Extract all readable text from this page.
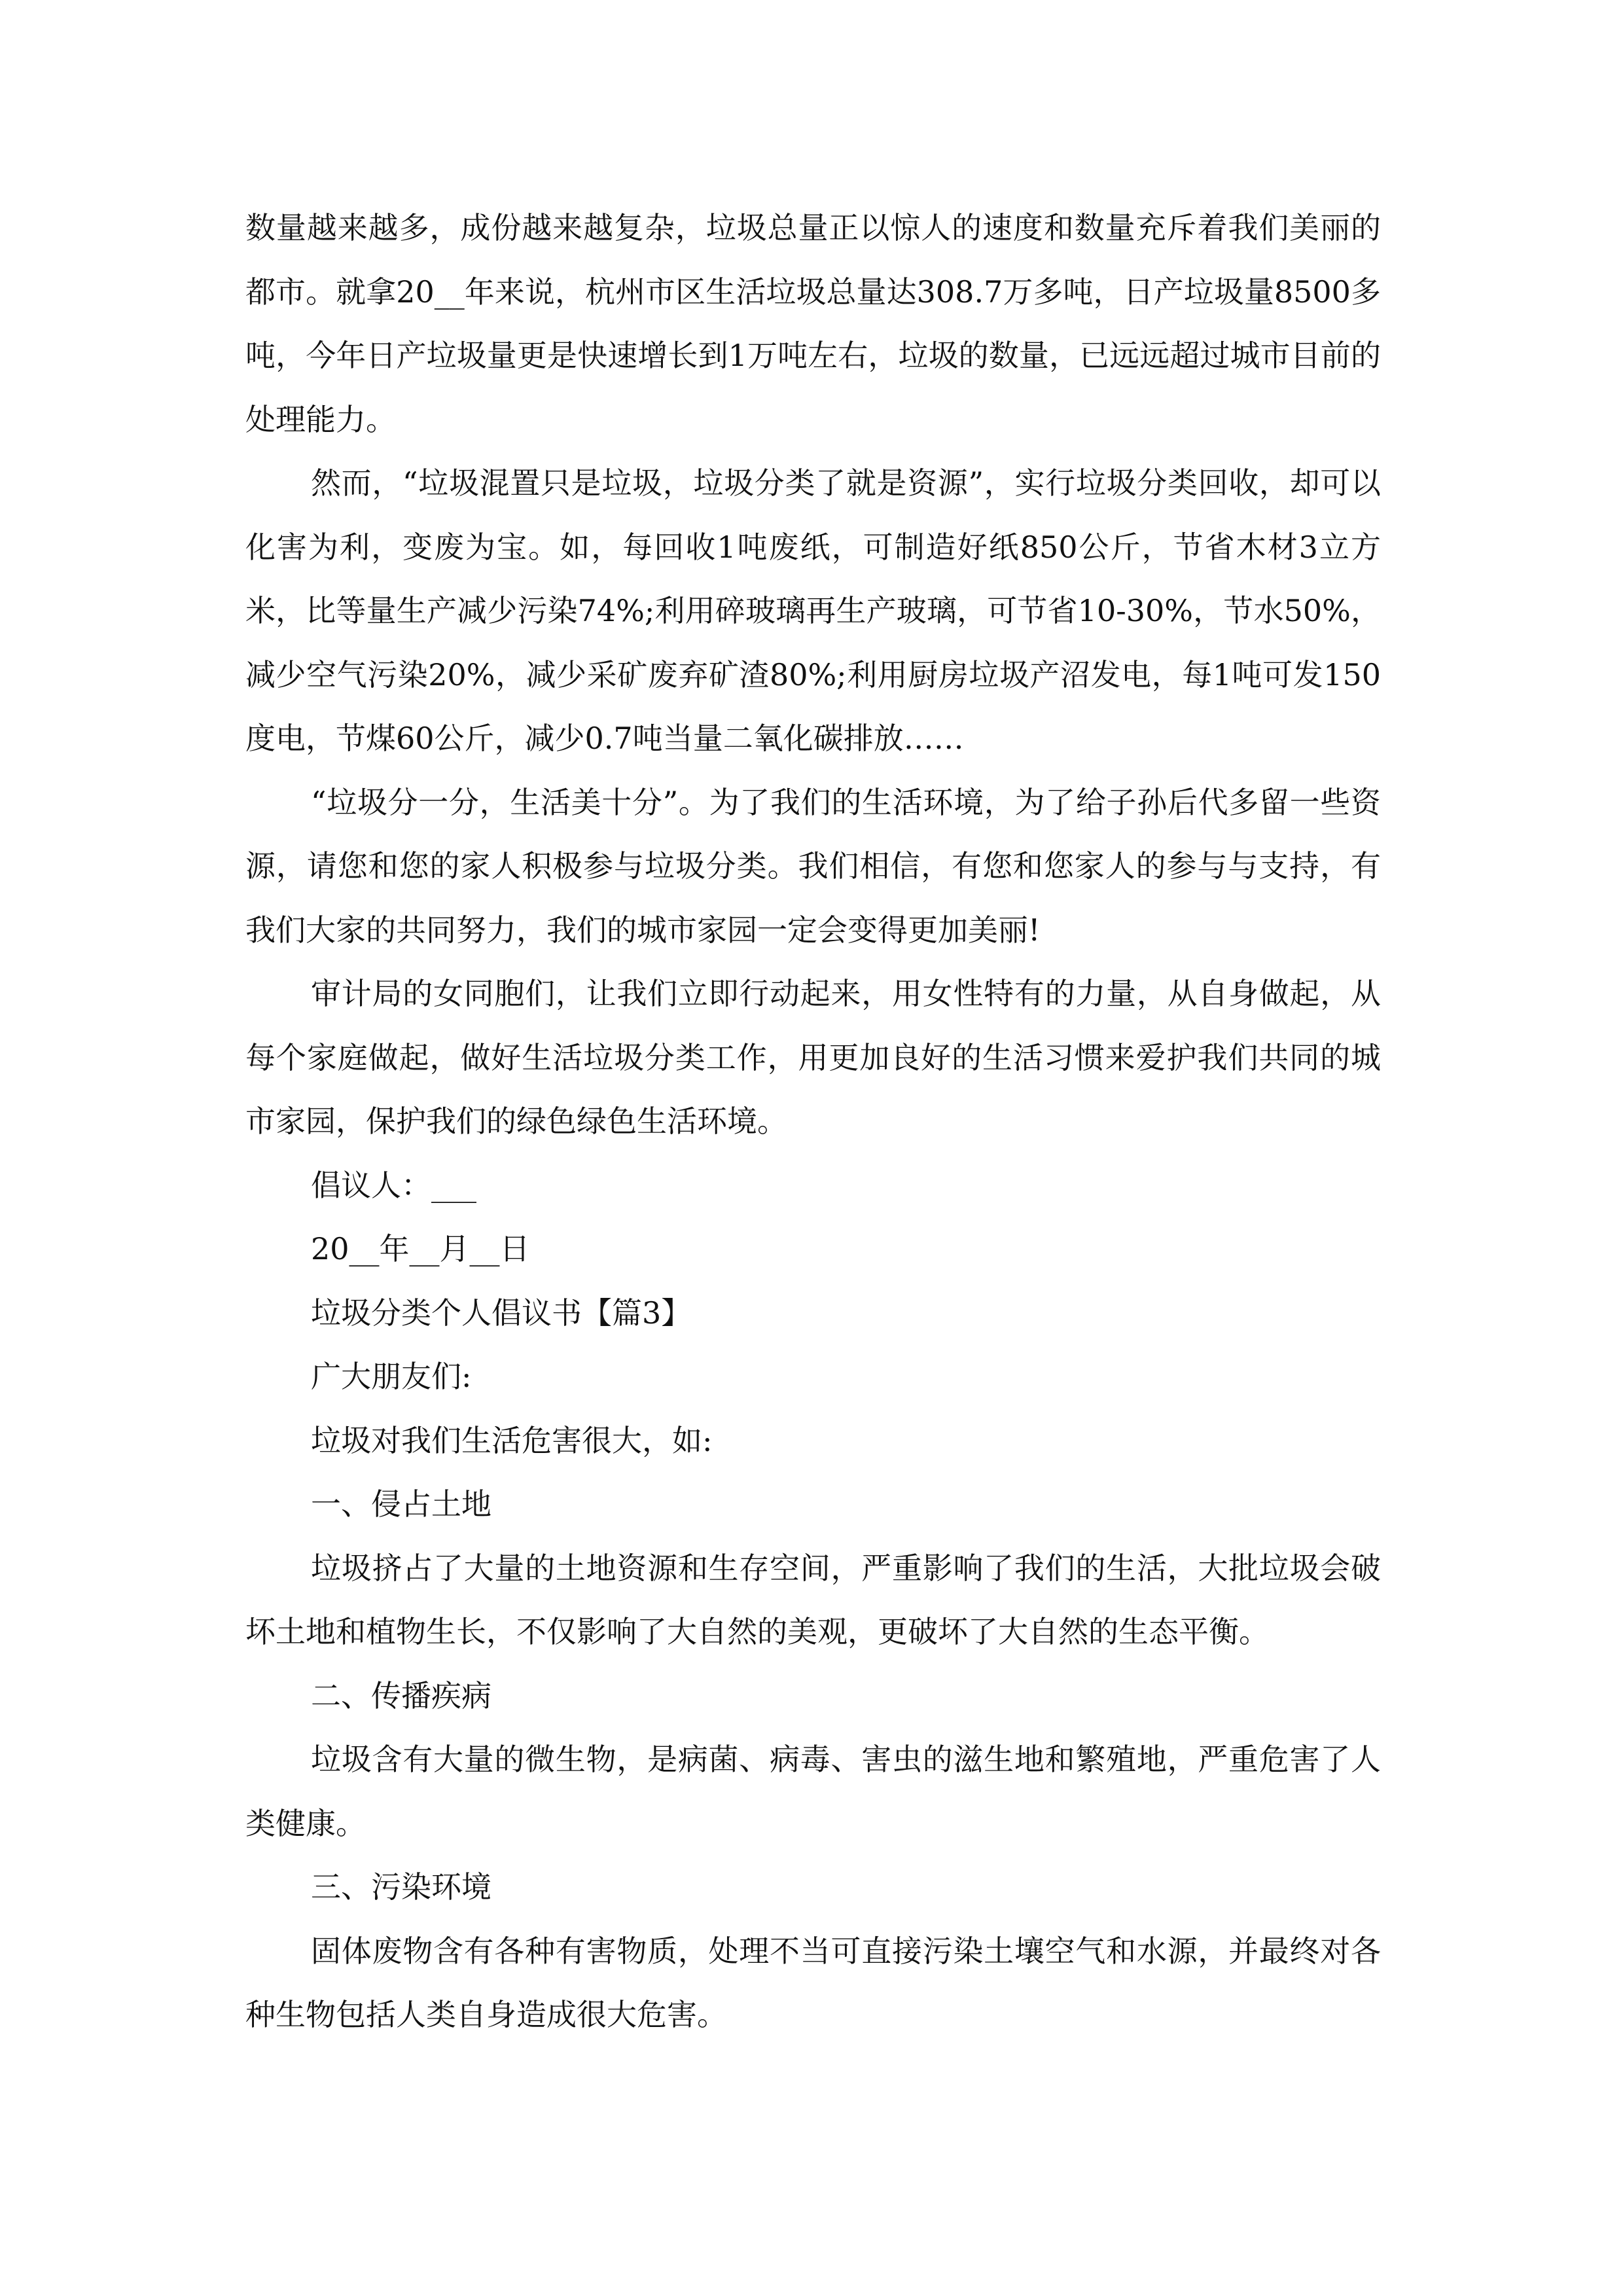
数量越来越多，成份越来越复杂，垃圾总量正以惊人的速度和数量充斥着我们美丽的都市。就拿20__年来说，杭州市区生活垃圾总量达308.7万多吨，日产垃圾量8500多吨，今年日产垃圾量更是快速增长到1万吨左右，垃圾的数量，已远远超过城市目前的处理能力。

然而，“垃圾混置只是垃圾，垃圾分类了就是资源”，实行垃圾分类回收，却可以化害为利，变废为宝。如，每回收1吨废纸，可制造好纸850公斤，节省木材3立方米，比等量生产减少污染74%;利用碎玻璃再生产玻璃，可节省10-30%，节水50%，减少空气污染20%，减少采矿废弃矿渣80%;利用厨房垃圾产沼发电，每1吨可发150度电，节煤60公斤，减少0.7吨当量二氧化碳排放……

“垃圾分一分，生活美十分”。为了我们的生活环境，为了给子孙后代多留一些资源，请您和您的家人积极参与垃圾分类。我们相信，有您和您家人的参与与支持，有我们大家的共同努力，我们的城市家园一定会变得更加美丽!

审计局的女同胞们，让我们立即行动起来，用女性特有的力量，从自身做起，从每个家庭做起，做好生活垃圾分类工作，用更加良好的生活习惯来爱护我们共同的城市家园，保护我们的绿色绿色生活环境。

倡议人：___

20__年__月__日

垃圾分类个人倡议书【篇3】

广大朋友们:

垃圾对我们生活危害很大，如:

一、侵占土地

垃圾挤占了大量的土地资源和生存空间，严重影响了我们的生活，大批垃圾会破坏土地和植物生长，不仅影响了大自然的美观，更破坏了大自然的生态平衡。

二、传播疾病

垃圾含有大量的微生物，是病菌、病毒、害虫的滋生地和繁殖地，严重危害了人类健康。

三、污染环境

固体废物含有各种有害物质，处理不当可直接污染土壤空气和水源，并最终对各种生物包括人类自身造成很大危害。
